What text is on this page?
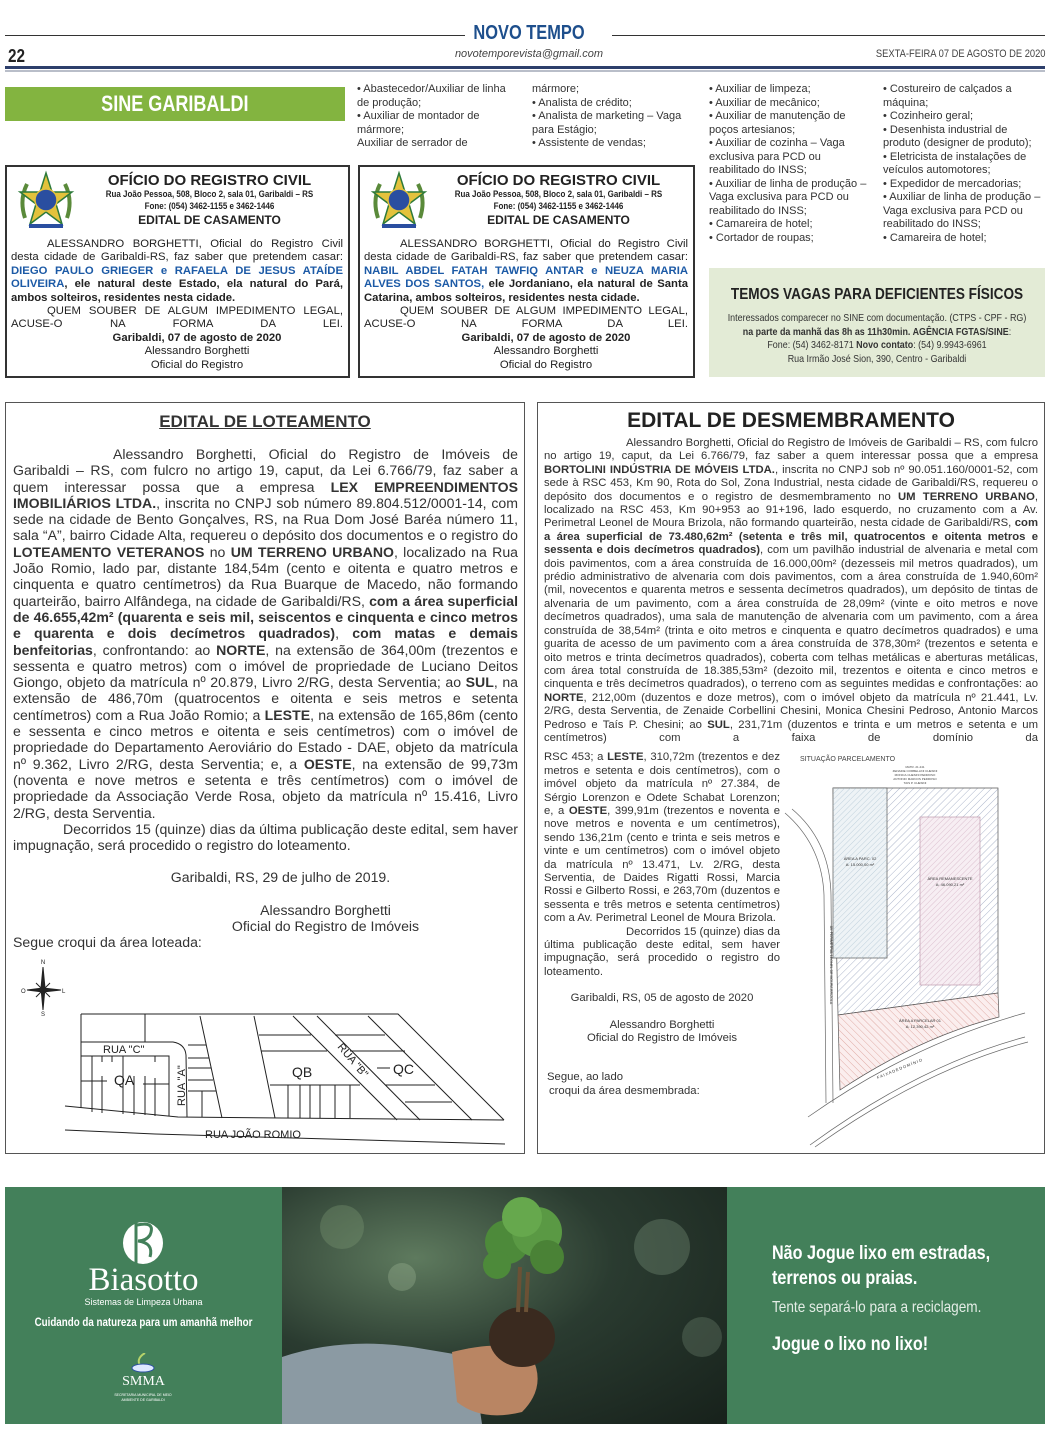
NOVO TEMPO
22	novotemporevista@gmail.com	SEXTA-FEIRA 07 DE AGOSTO DE 2020
SINE GARIBALDI
• Abastecedor/Auxiliar de linha de produção;
• Auxiliar de montador de mármore;
Auxiliar de serrador de
mármore;
• Analista de crédito;
• Analista de marketing – Vaga para Estágio;
• Assistente de vendas;
• Auxiliar de limpeza;
• Auxiliar de mecânico;
• Auxiliar de manutenção de poços artesianos;
• Auxiliar de cozinha – Vaga exclusiva para PCD ou reabilitado do INSS;
• Auxiliar de linha de produção – Vaga exclusiva para PCD ou reabilitado do INSS;
• Camareira de hotel;
• Cortador de roupas;
• Costureiro de calçados a máquina;
• Cozinheiro geral;
• Desenhista industrial de produto (designer de produto);
• Eletricista de instalações de veículos automotores;
• Expedidor de mercadorias;
• Auxiliar de linha de produção – Vaga exclusiva para PCD ou reabilitado do INSS;
• Camareira de hotel;
TEMOS VAGAS PARA DEFICIENTES FÍSICOS
Interessados comparecer no SINE com documentação. (CTPS - CPF - RG)
na parte da manhã das 8h as 11h30min. AGÊNCIA FGTAS/SINE :
Fone: (54) 3462-8171
Novo contato : (54) 9.9943-6961
Rua Irmão José Sion, 390, Centro - Garibaldi
OFÍCIO DO REGISTRO CIVIL
Rua João Pessoa, 508, Bloco 2, sala 01, Garibaldi – RS
Fone: (054) 3462-1155 e 3462-1446
EDITAL DE CASAMENTO

ALESSANDRO BORGHETTI, Oficial do Registro Civil desta cidade de Garibaldi-RS, faz saber que pretendem casar: DIEGO PAULO GRIEGER e RAFAELA DE JESUS ATAÍDE OLIVEIRA, ele natural deste Estado, ela natural do Pará, ambos solteiros, residentes nesta cidade.

QUEM SOUBER DE ALGUM IMPEDIMENTO LEGAL, ACUSE-O NA FORMA DA LEI.

Garibaldi, 07 de agosto de 2020
Alessandro Borghetti
Oficial do Registro
OFÍCIO DO REGISTRO CIVIL
Rua João Pessoa, 508, Bloco 2, sala 01, Garibaldi – RS
Fone: (054) 3462-1155 e 3462-1446
EDITAL DE CASAMENTO

ALESSANDRO BORGHETTI, Oficial do Registro Civil desta cidade de Garibaldi-RS, faz saber que pretendem casar: NABIL ABDEL FATAH TAWFIQ ANTAR e NEUZA MARIA ALVES DOS SANTOS, ele Jordaniano, ela natural de Santa Catarina, ambos solteiros, residentes nesta cidade.

QUEM SOUBER DE ALGUM IMPEDIMENTO LEGAL, ACUSE-O NA FORMA DA LEI.

Garibaldi, 07 de agosto de 2020
Alessandro Borghetti
Oficial do Registro
EDITAL DE LOTEAMENTO

Alessandro Borghetti, Oficial do Registro de Imóveis de Garibaldi – RS, com fulcro no artigo 19, caput, da Lei 6.766/79, faz saber a quem interessar possa que a empresa LEX EMPREENDIMENTOS IMOBILIÁRIOS LTDA., inscrita no CNPJ sob número 89.804.512/0001-14, com sede na cidade de Bento Gonçalves, RS, na Rua Dom José Baréa número 11, sala “A”, bairro Cidade Alta, requereu o depósito dos documentos e o registro do LOTEAMENTO VETERANOS no UM TERRENO URBANO, localizado na Rua João Romio, lado par, distante 184,54m (cento e oitenta e quatro metros e cinquenta e quatro centímetros) da Rua Buarque de Macedo, não formando quarteirão, bairro Alfândega, na cidade de Garibaldi/RS, com a área superficial de 46.655,42m² (quarenta e seis mil, seiscentos e cinquenta e cinco metros e quarenta e dois decímetros quadrados), com matas e demais benfeitorias, confrontando: ao NORTE, na extensão de 364,00m (trezentos e sessenta e quatro metros) com o imóvel de propriedade de Luciano Deitos Giongo, objeto da matrícula nº 20.879, Livro 2/RG, desta Serventia; ao SUL, na extensão de 486,70m (quatrocentos e oitenta e seis metros e setenta centímetros) com a Rua João Romio; a LESTE, na extensão de 165,86m (cento e sessenta e cinco metros e oitenta e seis centímetros) com o imóvel de propriedade do Departamento Aeroviário do Estado - DAE, objeto da matrícula nº 9.362, Livro 2/RG, desta Serventia; e, a OESTE, na extensão de 99,73m (noventa e nove metros e setenta e três centímetros) com o imóvel de propriedade da Associação Verde Rosa, objeto da matrícula nº 15.416, Livro 2/RG, desta Serventia.

Decorridos 15 (quinze) dias da última publicação deste edital, sem haver impugnação, será procedido o registro do loteamento.

Garibaldi, RS, 29 de julho de 2019.
Alessandro Borghetti
Oficial do Registro de Imóveis
Segue croqui da área loteada:
N
S
O	L
RUA "C"
QA	RUA "A"	QB RUA "B" QC
RUA JOÃO ROMIO
EDITAL DE DESMEMBRAMENTO

Alessandro Borghetti, Oficial do Registro de Imóveis de Garibaldi – RS, com fulcro no artigo 19, caput, da Lei 6.766/79, faz saber a quem interessar possa que a empresa BORTOLINI INDÚSTRIA DE MÓVEIS LTDA., inscrita no CNPJ sob nº 90.051.160/0001-52, com sede à RSC 453, Km 90, Rota do Sol, Zona Industrial, nesta cidade de Garibaldi/RS, requereu o depósito dos documentos e o registro de desmembramento no UM TERRENO URBANO, localizado na RSC 453, Km 90+953 ao 91+196, lado esquerdo, no cruzamento com a Av. Perimetral Leonel de Moura Brizola, não formando quarteirão, nesta cidade de Garibaldi/RS, com a área superficial de 73.480,62m² (setenta e três mil, quatrocentos e oitenta metros e sessenta e dois decímetros quadrados), com um pavilhão industrial de alvenaria e metal com dois pavimentos, com a área construída de 16.000,00m² (dezesseis mil metros quadrados), um prédio administrativo de alvenaria com dois pavimentos, com a área construída de 1.940,60m² (mil, novecentos e quarenta metros e sessenta decímetros quadrados), um depósito de tintas de alvenaria de um pavimento, com a área construída de 28,09m² (vinte e oito metros e nove decímetros quadrados), uma sala de manutenção de alvenaria com um pavimento, com a área construída de 38,54m² (trinta e oito metros e cinquenta e quatro decímetros quadrados) e uma guarita de acesso de um pavimento com a área construída de 378,30m² (trezentos e setenta e oito metros e trinta decímetros quadrados), coberta com telhas metálicas e aberturas metálicas, com área total construída de 18.385,53m² (dezoito mil, trezentos e oitenta e cinco metros e cinquenta e três decímetros quadrados), o terreno com as seguintes medidas e confrontações: ao NORTE, 212,00m (duzentos e doze metros), com o imóvel objeto da matrícula nº 21.441, Lv. 2/RG, desta Serventia, de Zenaide Corbellini Chesini, Monica Chesini Pedroso, Antonio Marcos Pedroso e Taís P. Chesini; ao SUL, 231,71m (duzentos e trinta e um metros e setenta e um centímetros) com a faixa de domínio da

RSC 453; a LESTE, 310,72m (trezentos e dez metros e setenta e dois centímetros), com o imóvel objeto da matrícula nº 27.384, de Sérgio Lorenzon e Odete Schabat Lorenzon; e, a OESTE, 399,91m (trezentos e noventa e nove metros e noventa e um centímetros), sendo 136,21m (cento e trinta e seis metros e vinte e um centímetros) com o imóvel objeto da matrícula nº 13.471, Lv. 2/RG, desta Serventia, de Daides Rigatti Rossi, Marcia Rossi e Gilberto Rossi, e 263,70m (duzentos e sessenta e três metros e setenta centímetros) com a Av. Perimetral Leonel de Moura Brizola.

Decorridos 15 (quinze) dias da última publicação deste edital, sem haver impugnação, será procedido o registro do loteamento.

Garibaldi, RS, 05 de agosto de 2020
Alessandro Borghetti
Oficial do Registro de Imóveis
Segue, ao lado
croqui da área desmembrada:
SITUAÇÃO PARCELAMENTO
MATR. 21.441
ZENAIDE CORBELLINI CHESINI
MONICA CHESINI PEDROSO
ANTONIO MARCOS PEDROSO
TAIS P. CHESINI
ÁREA A PARC. 02
A: 15.000,00 m²
ÁREA REMANESCENTE
A: 46.090,21 m²
ÁREA A PARCELAR 01
A: 12.390,42 m²
F A I X A D E D O M Í N I O
AV. PERIMETRAL LEONEL DE MOURA BRIZOLA
Biasotto
Sistemas de Limpeza Urbana
Cuidando da natureza para um amanhã melhor
SMMA
SECRETARIA MUNICIPAL DE MEIO AMBIENTE DE GARIBALDI
Não Jogue lixo em estradas,
terrenos ou praias.
Tente separá-lo para a reciclagem.
Jogue o lixo no lixo!
